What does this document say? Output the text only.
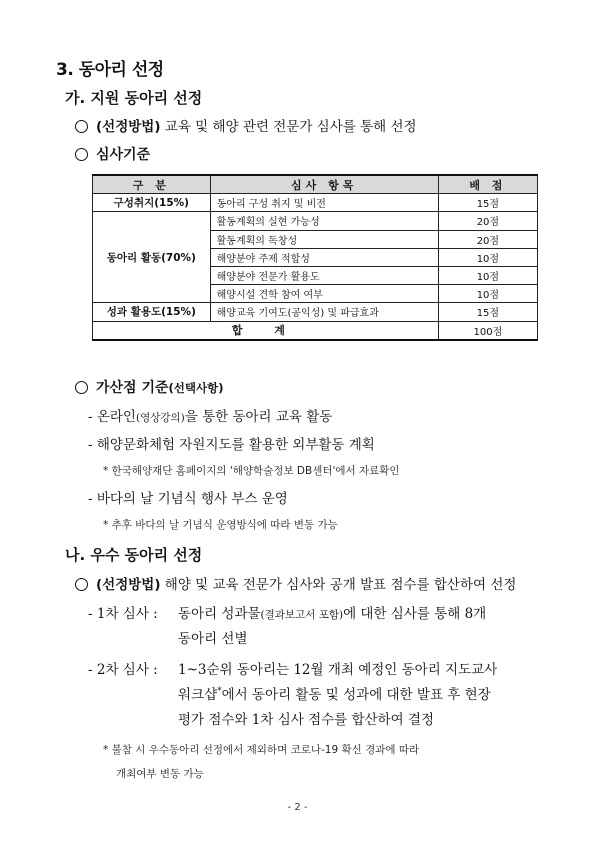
3. 동아리 선정
가. 지원 동아리 선정
(선정방법) 교육 및 해양 관련 전문가 심사를 통해 선정
심사기준
구 분	심사 항목	배 점
구성취지(15%)	동아리 구성 취지 및 비전	15점
동아리 활동(70%)	활동계획의 실현 가능성	20점
	활동계획의 독창성	20점
	해양분야 주제 적합성	10점
	해양분야 전문가 활용도	10점
	해양시설 견학 참여 여부	10점
성과 활용도(15%)	해양교육 기여도(공익성) 및 파급효과	15점
합 계		100점
가산점 기준(선택사항)
- 온라인(영상강의)을 통한 동아리 교육 활동
- 해양문화체험 자원지도를 활용한 외부활동 계획
* 한국해양재단 홈페이지의 '해양학술정보 DB센터'에서 자료확인
- 바다의 날 기념식 행사 부스 운영
* 추후 바다의 날 기념식 운영방식에 따라 변동 가능
나. 우수 동아리 선정
(선정방법) 해양 및 교육 전문가 심사와 공개 발표 점수를 합산하여 선정
- 1차 심사 : 동아리 성과물(결과보고서 포함)에 대한 심사를 통해 8개
동아리 선별
- 2차 심사 : 1~3순위 동아리는 12월 개최 예정인 동아리 지도교사
워크샵*에서 동아리 활동 및 성과에 대한 발표 후 현장
평가 점수와 1차 심사 점수를 합산하여 결정
* 불참 시 우수동아리 선정에서 제외하며 코로나-19 확신 경과에 따라
개최여부 변동 가능
- 2 -
